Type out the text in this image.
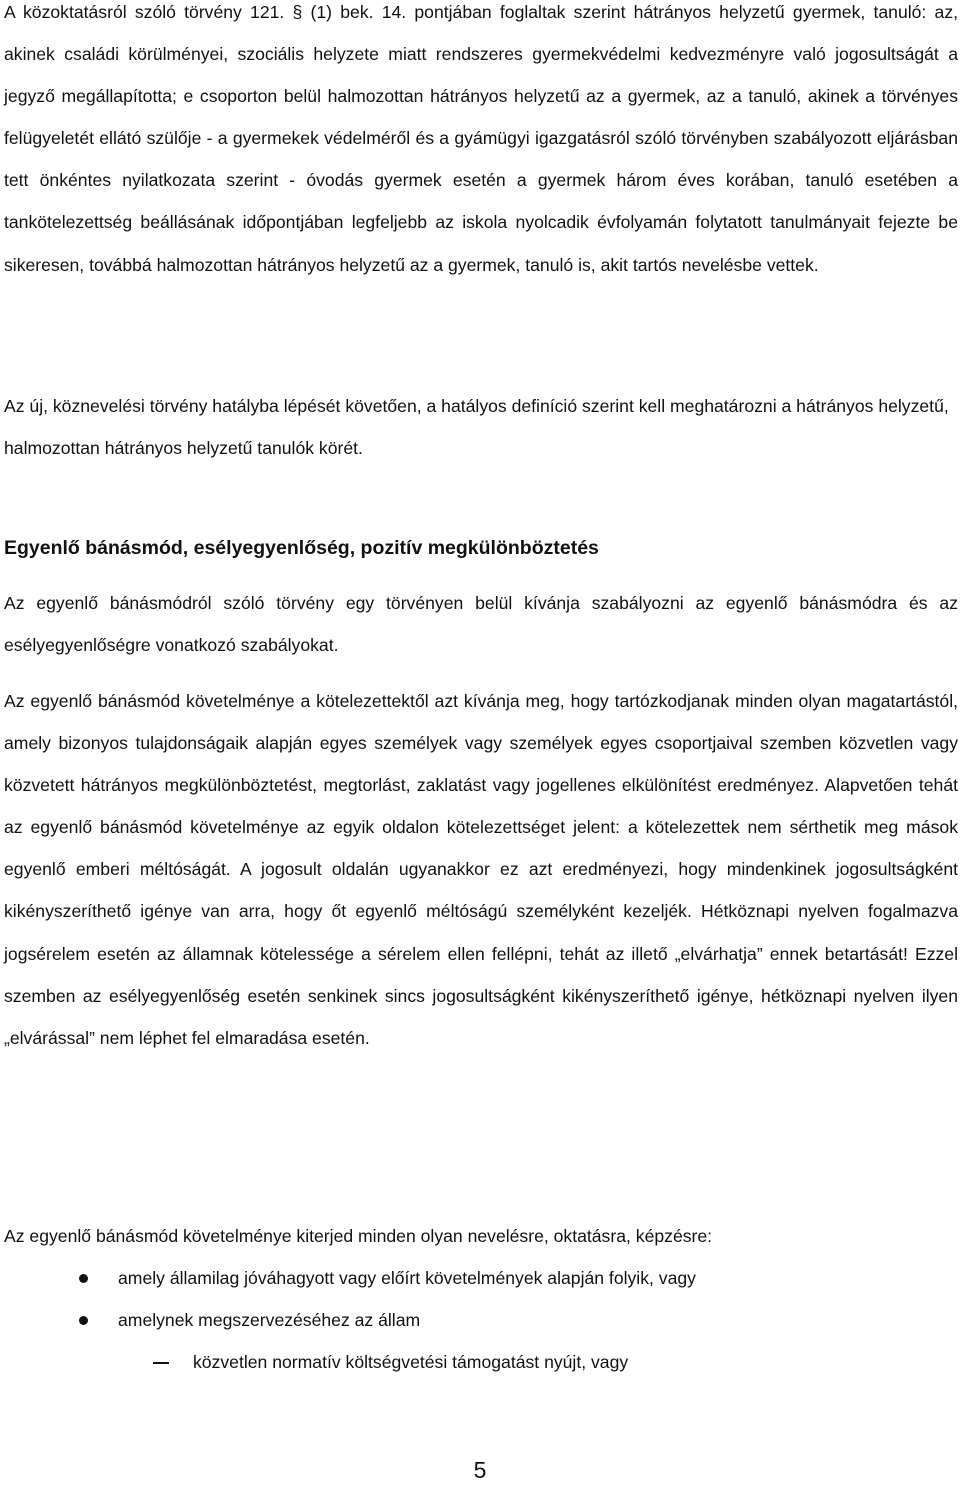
A közoktatásról szóló törvény 121. § (1) bek. 14. pontjában foglaltak szerint hátrányos helyzetű gyermek, tanuló: az, akinek családi körülményei, szociális helyzete miatt rendszeres gyermekvédelmi kedvezményre való jogosultságát a jegyző megállapította; e csoporton belül halmozottan hátrányos helyzetű az a gyermek, az a tanuló, akinek a törvényes felügyeletét ellátó szülője - a gyermekek védelméről és a gyámügyi igazgatásról szóló törvényben szabályozott eljárásban tett önkéntes nyilatkozata szerint - óvodás gyermek esetén a gyermek három éves korában, tanuló esetében a tankötelezettség beállásának időpontjában legfeljebb az iskola nyolcadik évfolyamán folytatott tanulmányait fejezte be sikeresen, továbbá halmozottan hátrányos helyzetű az a gyermek, tanuló is, akit tartós nevelésbe vettek.

Az új, köznevelési törvény hatályba lépését követően, a hatályos definíció szerint kell meghatározni a hátrányos helyzetű, halmozottan hátrányos helyzetű tanulók körét.

Egyenlő bánásmód, esélyegyenlőség, pozitív megkülönböztetés

Az egyenlő bánásmódról szóló törvény egy törvényen belül kívánja szabályozni az egyenlő bánásmódra és az esélyegyenlőségre vonatkozó szabályokat.

Az egyenlő bánásmód követelménye a kötelezettektől azt kívánja meg, hogy tartózkodjanak minden olyan magatartástól, amely bizonyos tulajdonságaik alapján egyes személyek vagy személyek egyes csoportjaival szemben közvetlen vagy közvetett hátrányos megkülönböztetést, megtorlást, zaklatást vagy jogellenes elkülönítést eredményez. Alapvetően tehát az egyenlő bánásmód követelménye az egyik oldalon kötelezettséget jelent: a kötelezettek nem sérthetik meg mások egyenlő emberi méltóságát. A jogosult oldalán ugyanakkor ez azt eredményezi, hogy mindenkinek jogosultságként kikényszeríthető igénye van arra, hogy őt egyenlő méltóságú személyként kezeljék. Hétköznapi nyelven fogalmazva jogsérelem esetén az államnak kötelessége a sérelem ellen fellépni, tehát az illető „elvárhatja” ennek betartását! Ezzel szemben az esélyegyenlőség esetén senkinek sincs jogosultságként kikényszeríthető igénye, hétköznapi nyelven ilyen „elvárással” nem léphet fel elmaradása esetén.

Az egyenlő bánásmód követelménye kiterjed minden olyan nevelésre, oktatásra, képzésre:

amely államilag jóváhagyott vagy előírt követelmények alapján folyik, vagy
amelynek megszervezéséhez az állam
közvetlen normatív költségvetési támogatást nyújt, vagy
5
